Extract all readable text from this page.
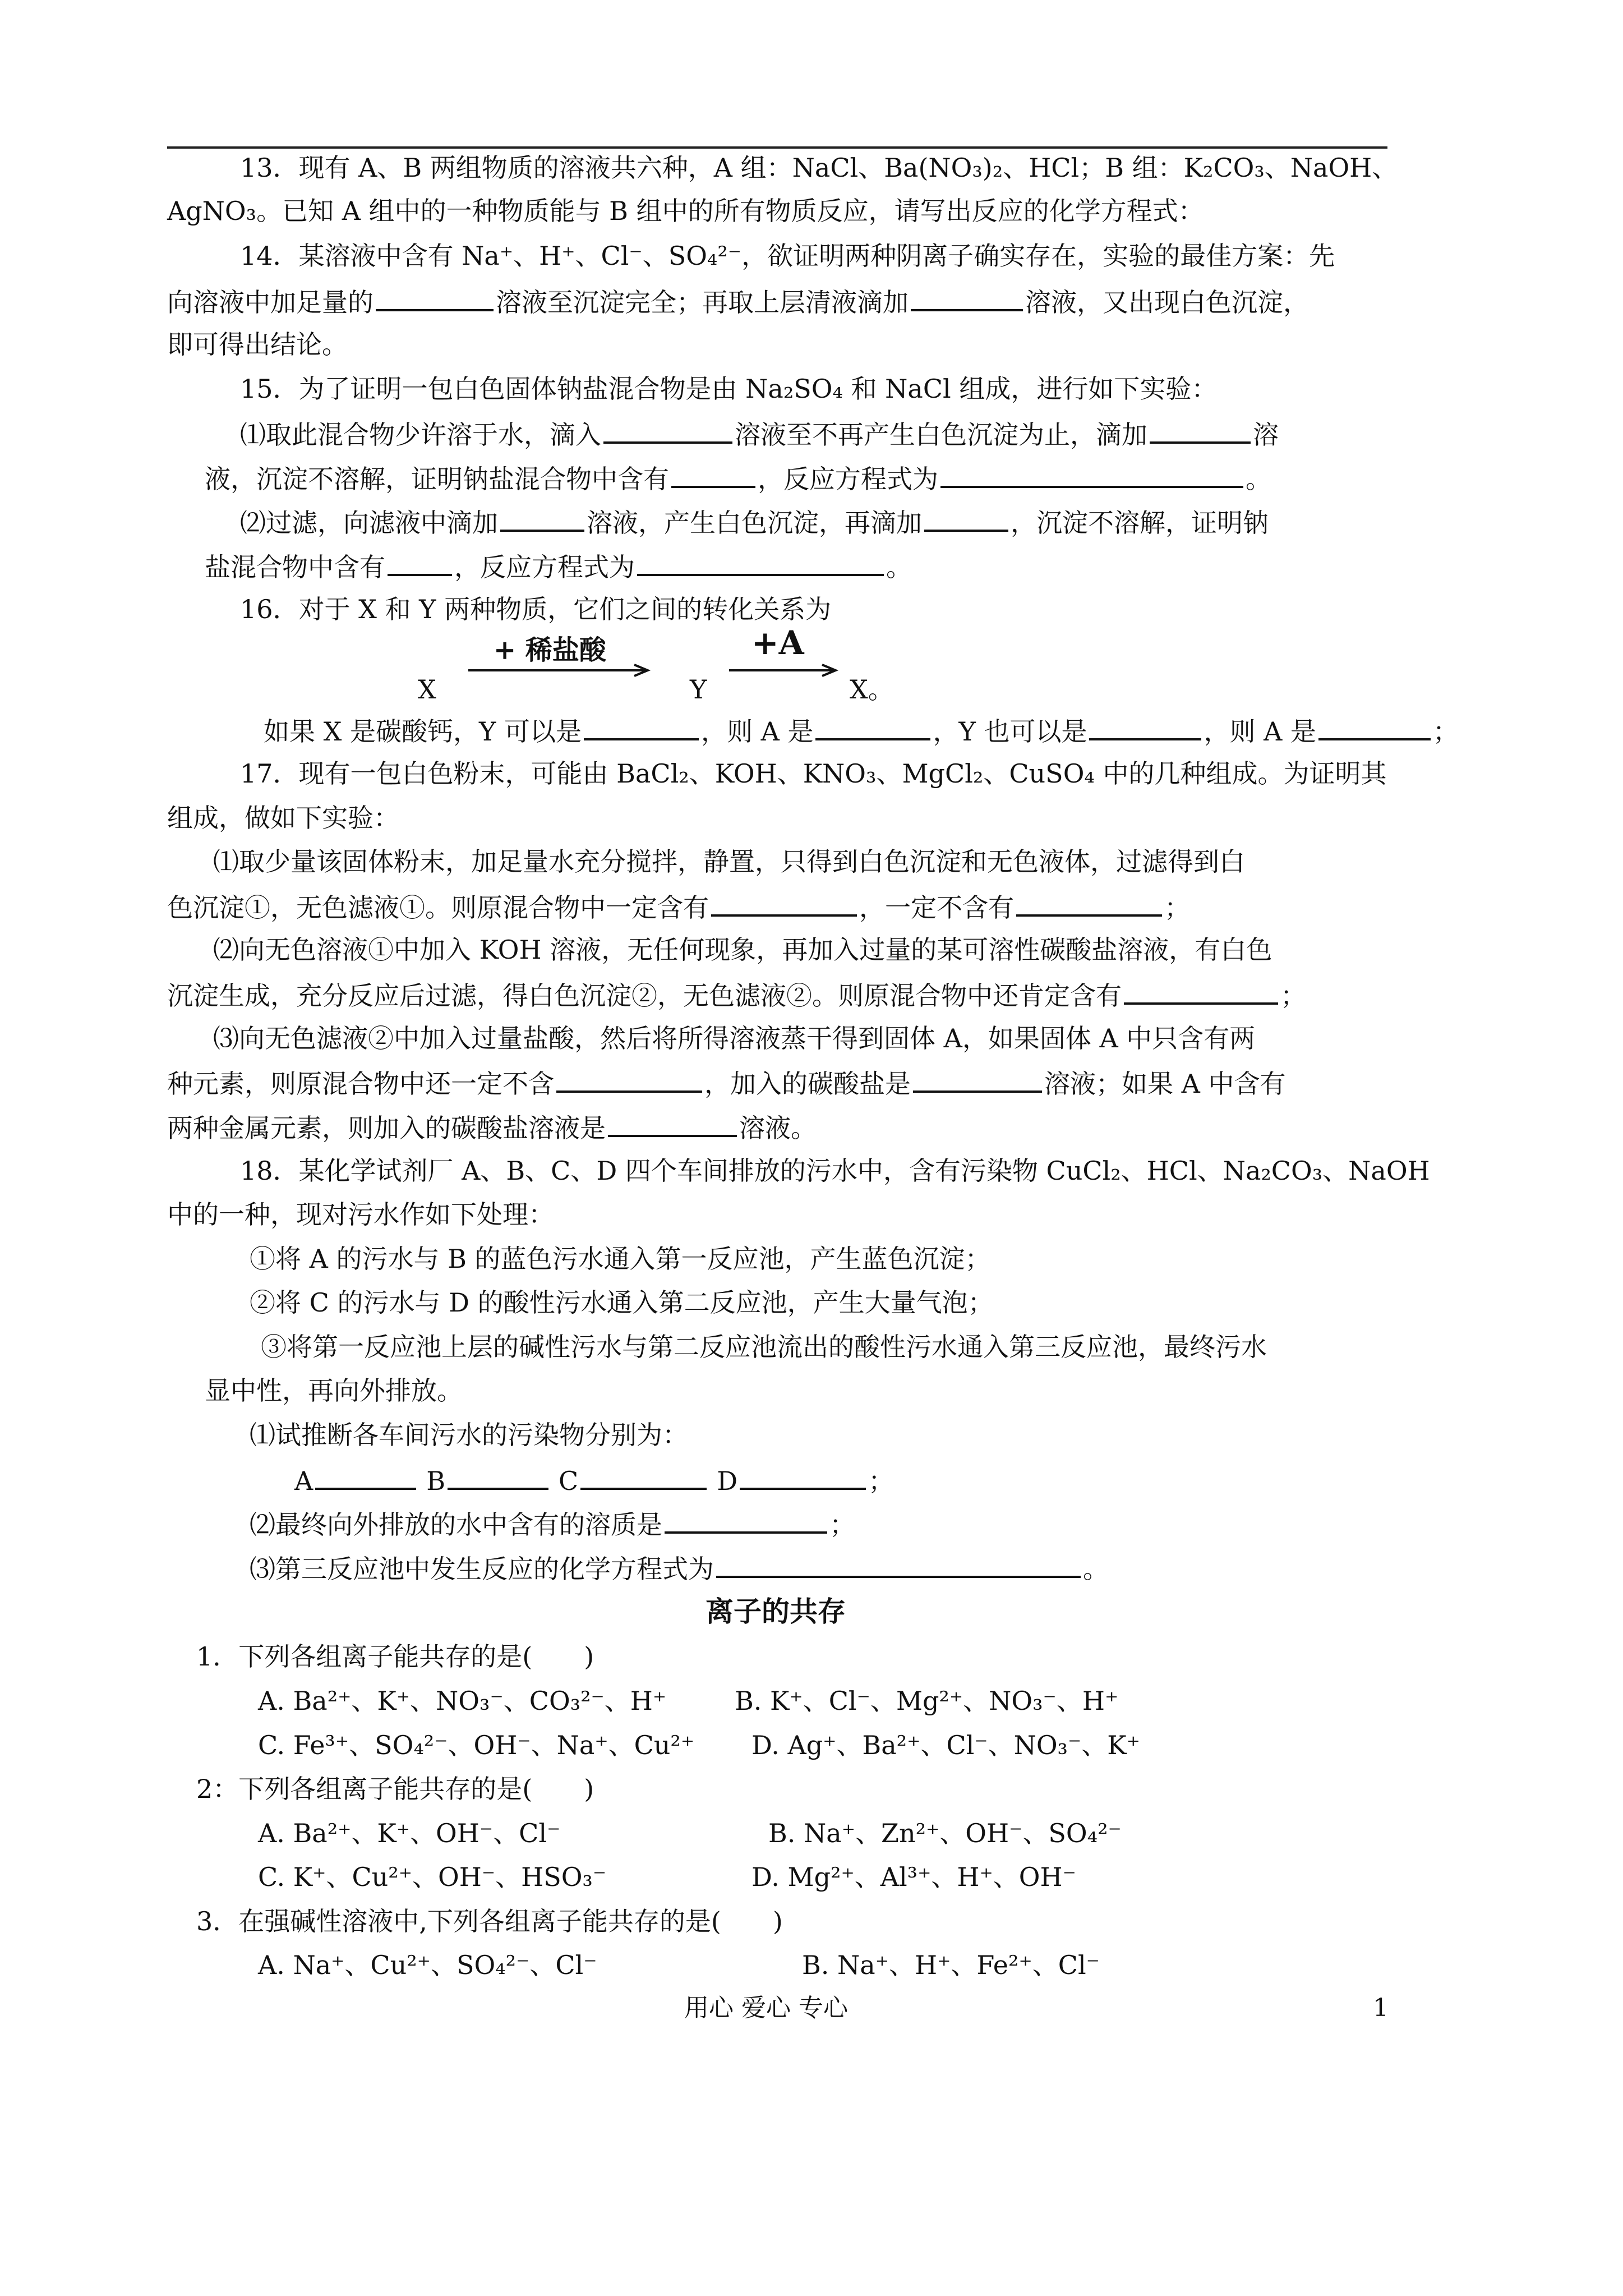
13．现有 A、B 两组物质的溶液共六种，A 组：NaCl、Ba(NO₃)₂、HCl；B 组：K₂CO₃、NaOH、
AgNO₃。已知 A 组中的一种物质能与 B 组中的所有物质反应，请写出反应的化学方程式：
14．某溶液中含有 Na⁺、H⁺、Cl⁻、SO₄²⁻，欲证明两种阴离子确实存在，实验的最佳方案：先
向溶液中加足量的	溶液至沉淀完全；再取上层清液滴加	溶液，又出现白色沉淀，
即可得出结论。
15．为了证明一包白色固体钠盐混合物是由 Na₂SO₄ 和 NaCl 组成，进行如下实验：
⑴取此混合物少许溶于水，滴入	溶液至不再产生白色沉淀为止，滴加	溶
液，沉淀不溶解，证明钠盐混合物中含有	，反应方程式为	。
⑵过滤，向滤液中滴加	溶液，产生白色沉淀，再滴加	，沉淀不溶解，证明钠
盐混合物中含有	，反应方程式为	。
16．对于 X 和 Y 两种物质，它们之间的转化关系为
X	Y	X。
+ 稀盐酸	+A
如果 X 是碳酸钙，Y 可以是	，则 A 是	，Y 也可以是	，则 A 是	；
17．现有一包白色粉末，可能由 BaCl₂、KOH、KNO₃、MgCl₂、CuSO₄ 中的几种组成。为证明其
组成，做如下实验：
⑴取少量该固体粉末，加足量水充分搅拌，静置，只得到白色沉淀和无色液体，过滤得到白
色沉淀①，无色滤液①。则原混合物中一定含有	，一定不含有	；
⑵向无色溶液①中加入 KOH 溶液，无任何现象，再加入过量的某可溶性碳酸盐溶液，有白色
沉淀生成，充分反应后过滤，得白色沉淀②，无色滤液②。则原混合物中还肯定含有	；
⑶向无色滤液②中加入过量盐酸，然后将所得溶液蒸干得到固体 A，如果固体 A 中只含有两
种元素，则原混合物中还一定不含	，加入的碳酸盐是	溶液；如果 A 中含有
两种金属元素，则加入的碳酸盐溶液是	溶液。
18．某化学试剂厂 A、B、C、D 四个车间排放的污水中，含有污染物 CuCl₂、HCl、Na₂CO₃、NaOH
中的一种，现对污水作如下处理：
①将 A 的污水与 B 的蓝色污水通入第一反应池，产生蓝色沉淀；
②将 C 的污水与 D 的酸性污水通入第二反应池，产生大量气泡；
③将第一反应池上层的碱性污水与第二反应池流出的酸性污水通入第三反应池，最终污水
显中性，再向外排放。
⑴试推断各车间污水的污染物分别为：
A	B	C	D	；
⑵最终向外排放的水中含有的溶质是	；
⑶第三反应池中发生反应的化学方程式为	。
离子的共存
1．下列各组离子能共存的是(　　)
A. Ba²⁺、K⁺、NO₃⁻、CO₃²⁻、H⁺	B. K⁺、Cl⁻、Mg²⁺、NO₃⁻、H⁺
C. Fe³⁺、SO₄²⁻、OH⁻、Na⁺、Cu²⁺ D. Ag⁺、Ba²⁺、Cl⁻、NO₃⁻、K⁺
2：下列各组离子能共存的是(　　)
A. Ba²⁺、K⁺、OH⁻、Cl⁻	B. Na⁺、Zn²⁺、OH⁻、SO₄²⁻
C. K⁺、Cu²⁺、OH⁻、HSO₃⁻	D. Mg²⁺、Al³⁺、H⁺、OH⁻
3．在强碱性溶液中,下列各组离子能共存的是(　　)
A. Na⁺、Cu²⁺、SO₄²⁻、Cl⁻	B. Na⁺、H⁺、Fe²⁺、Cl⁻
用心 爱心 专心	1
